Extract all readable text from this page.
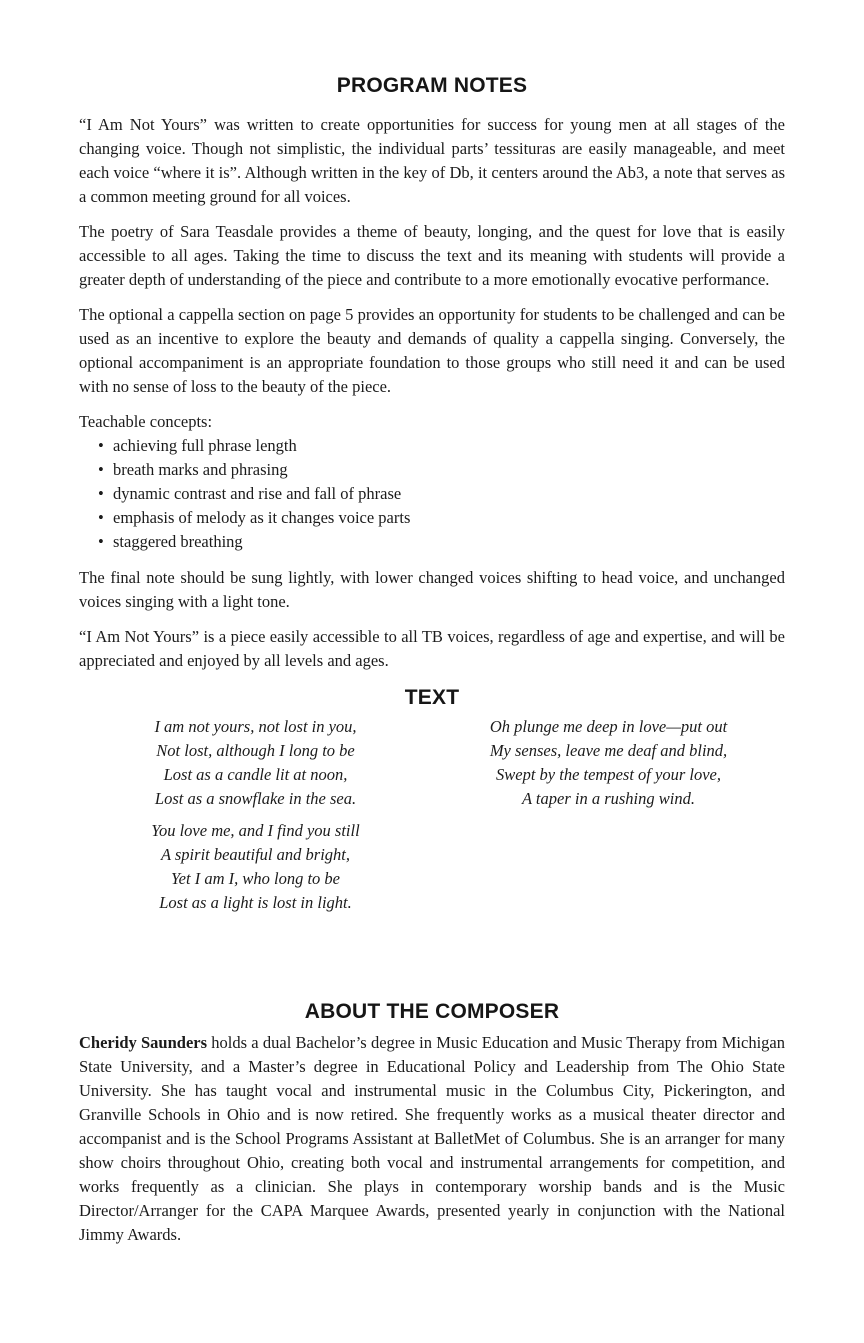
PROGRAM NOTES

“I Am Not Yours” was written to create opportunities for success for young men at all stages of the changing voice. Though not simplistic, the individual parts’ tessituras are easily manageable, and meet each voice “where it is”. Although written in the key of Db, it centers around the Ab3, a note that serves as a common meeting ground for all voices.

The poetry of Sara Teasdale provides a theme of beauty, longing, and the quest for love that is easily accessible to all ages. Taking the time to discuss the text and its meaning with students will provide a greater depth of understanding of the piece and contribute to a more emotionally evocative performance.

The optional a cappella section on page 5 provides an opportunity for students to be challenged and can be used as an incentive to explore the beauty and demands of quality a cappella singing. Conversely, the optional accompaniment is an appropriate foundation to those groups who still need it and can be used with no sense of loss to the beauty of the piece.

Teachable concepts:

• achieving full phrase length
• breath marks and phrasing
• dynamic contrast and rise and fall of phrase
• emphasis of melody as it changes voice parts
• staggered breathing

The final note should be sung lightly, with lower changed voices shifting to head voice, and unchanged voices singing with a light tone.

“I Am Not Yours” is a piece easily accessible to all TB voices, regardless of age and expertise, and will be appreciated and enjoyed by all levels and ages.

TEXT
I am not yours, not lost in you,
Not lost, although I long to be
Lost as a candle lit at noon,
Lost as a snowflake in the sea.
You love me, and I find you still
A spirit beautiful and bright,
Yet I am I, who long to be
Lost as a light is lost in light.
Oh plunge me deep in love—put out
My senses, leave me deaf and blind,
Swept by the tempest of your love,
A taper in a rushing wind.
ABOUT THE COMPOSER

Cheridy Saunders holds a dual Bachelor’s degree in Music Education and Music Therapy from Michigan State University, and a Master’s degree in Educational Policy and Leadership from The Ohio State University. She has taught vocal and instrumental music in the Columbus City, Pickerington, and Granville Schools in Ohio and is now retired. She frequently works as a musical theater director and accompanist and is the School Programs Assistant at BalletMet of Columbus. She is an arranger for many show choirs throughout Ohio, creating both vocal and instrumental arrangements for competition, and works frequently as a clinician. She plays in contemporary worship bands and is the Music Director/Arranger for the CAPA Marquee Awards, presented yearly in conjunction with the National Jimmy Awards.
